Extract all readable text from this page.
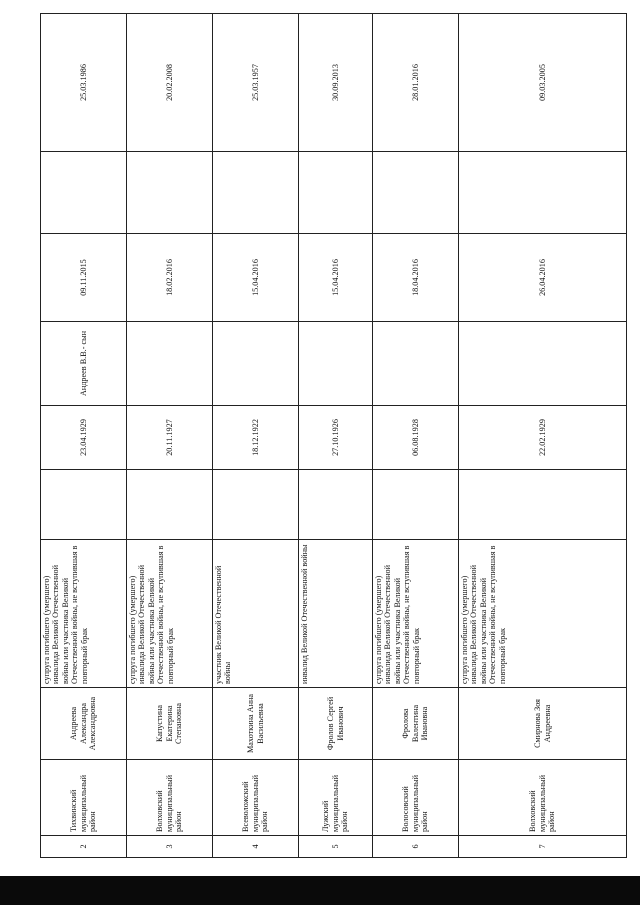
2	Тихвинский муниципальный район	Андреева Александра Александровна	супруга погибшего (умершего) инвалида Великой Отечественной войны или участника Великой Отечественной войны, не вступившая в повторный брак		23.04.1929	Андреев В.В.- сын	09.11.2015		25.03.1986
3	Волховский муниципальный район	Капустина Екатерина Степановна	супруга погибшего (умершего) инвалида Великой Отечественной войны или участника Великой Отечественной войны, не вступившая в повторный брак		20.11.1927		18.02.2016		20.02.2008
4	Всеволожский муниципальный район	Махоткина Анна Васильевна	участник Великой Отечественной войны		18.12.1922		15.04.2016		25.03.1957
5	Лужский муниципальный район	Фролов Сергей Иванович	инвалид Великой Отечественной войны		27.10.1926		15.04.2016		30.09.2013
6	Волосовский муниципальный район	Фролова Валентина Ивановна	супруга погибшего (умершего) инвалида Великой Отечественной войны или участника Великой Отечественной войны, не вступившая в повторный брак		06.08.1928		18.04.2016		28.01.2016
7	Волховский муниципальный район	Смирнова Зоя Андреевна	супруга погибшего (умершего) инвалида Великой Отечественной войны или участника Великой Отечественной войны, не вступившая в повторный брак		22.02.1929		26.04.2016		09.03.2005
